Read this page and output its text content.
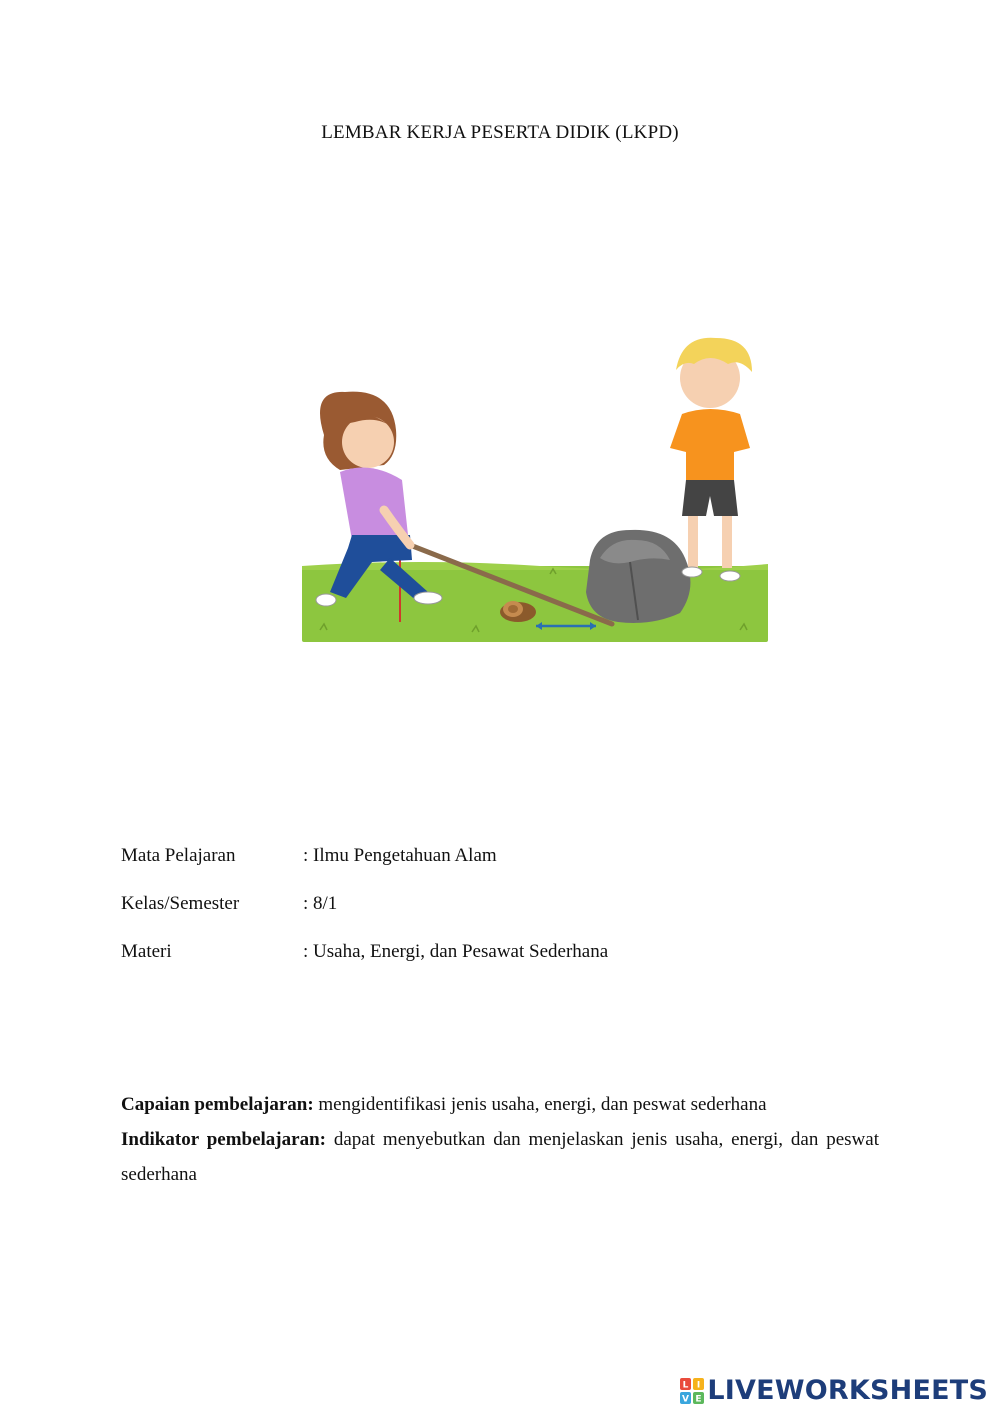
LEMBAR KERJA PESERTA DIDIK (LKPD)
Mata Pelajaran	: Ilmu Pengetahuan Alam
Kelas/Semester	: 8/1
Materi	: Usaha, Energi, dan Pesawat Sederhana

Capaian pembelajaran: mengidentifikasi jenis usaha, energi, dan peswat sederhana

Indikator pembelajaran: dapat menyebutkan dan menjelaskan jenis usaha, energi, dan peswat sederhana

L I
V E LIVEWORKSHEETS
